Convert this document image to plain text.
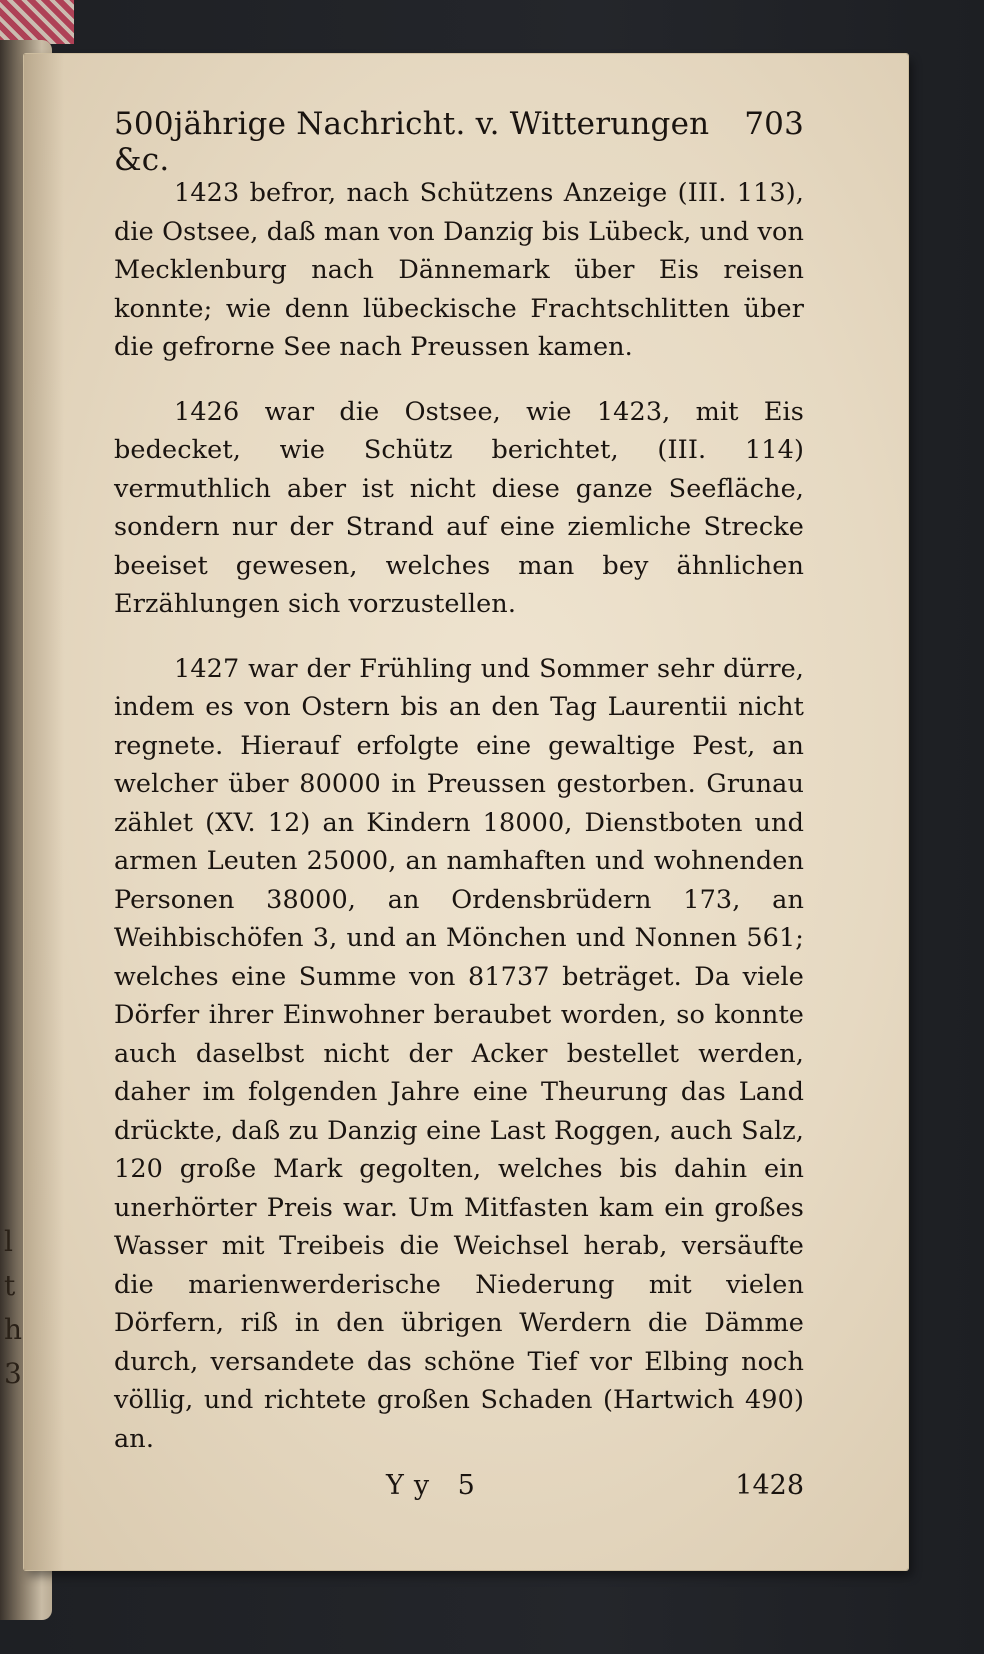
l
t
h
3
500jährige Nachricht. v. Witterungen &c.
703

1423 befror, nach Schützens Anzeige (III. 113), die Ostsee, daß man von Danzig bis Lübeck, und von Mecklenburg nach Dännemark über Eis reisen konnte; wie denn lübeckische Frachtschlitten über die gefrorne See nach Preussen kamen.

1426 war die Ostsee, wie 1423, mit Eis bedecket, wie Schütz berichtet, (III. 114) vermuthlich aber ist nicht diese ganze Seefläche, sondern nur der Strand auf eine ziemliche Strecke beeiset gewesen, welches man bey ähnlichen Erzählungen sich vorzustellen.

1427 war der Frühling und Sommer sehr dürre, indem es von Ostern bis an den Tag Laurentii nicht regnete. Hierauf erfolgte eine gewaltige Pest, an welcher über 80000 in Preussen gestorben. Grunau zählet (XV. 12) an Kindern 18000, Dienstboten und armen Leuten 25000, an namhaften und wohnenden Personen 38000, an Ordensbrüdern 173, an Weihbischöfen 3, und an Mönchen und Nonnen 561; welches eine Summe von 81737 beträget. Da viele Dörfer ihrer Einwohner beraubet worden, so konnte auch daselbst nicht der Acker bestellet werden, daher im folgenden Jahre eine Theurung das Land drückte, daß zu Danzig eine Last Roggen, auch Salz, 120 große Mark gegolten, welches bis dahin ein unerhörter Preis war. Um Mitfasten kam ein großes Wasser mit Treibeis die Weichsel herab, versäufte die marienwerderische Niederung mit vielen Dörfern, riß in den übrigen Werdern die Dämme durch, versandete das schöne Tief vor Elbing noch völlig, und richtete großen Schaden (Hartwich 490) an.

Yy 5	1428
